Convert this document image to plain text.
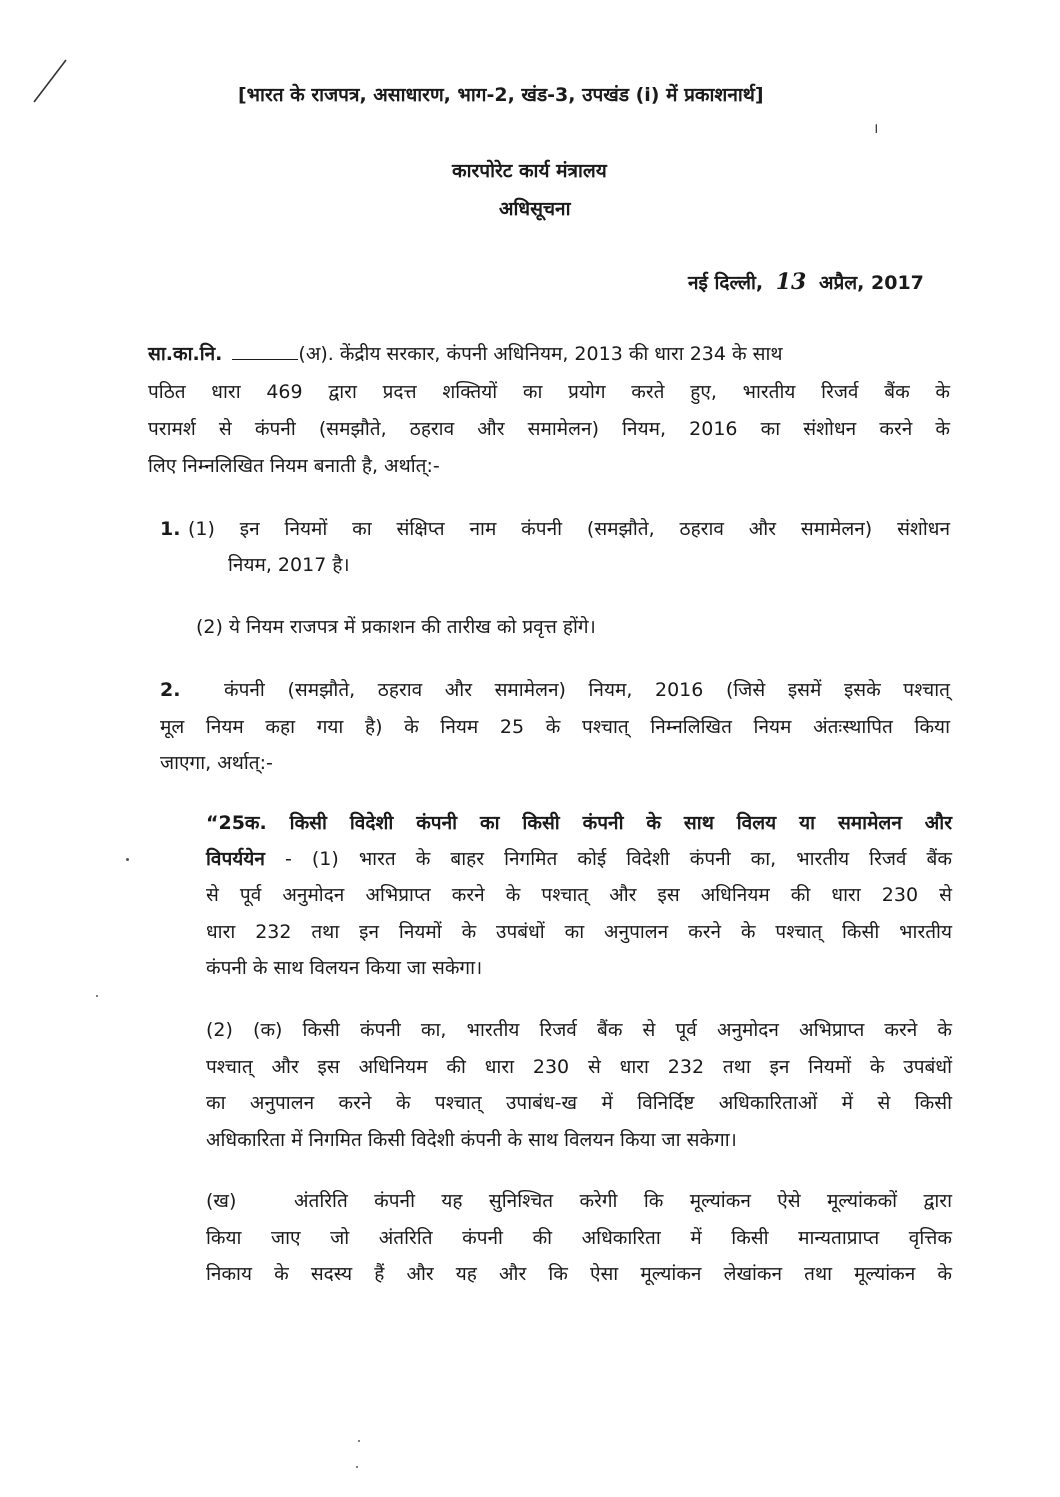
[भारत के राजपत्र, असाधारण, भाग-2, खंड-3, उपखंड (i) में प्रकाशनार्थ]
।
कारपोरेट कार्य मंत्रालय
अधिसूचना
नई दिल्ली, 13 अप्रैल, 2017
सा.का.नि.	(अ). केंद्रीय सरकार, कंपनी अधिनियम, 2013 की धारा 234 के साथ
पठित धारा 469 द्वारा प्रदत्त शक्तियों का प्रयोग करते हुए, भारतीय रिजर्व बैंक के
परामर्श से कंपनी (समझौते, ठहराव और समामेलन) नियम, 2016 का संशोधन करने के
लिए निम्नलिखित नियम बनाती है, अर्थात्:-
1. (1) इन नियमों का संक्षिप्त नाम कंपनी (समझौते, ठहराव और समामेलन) संशोधन
नियम, 2017 है।
(2) ये नियम राजपत्र में प्रकाशन की तारीख को प्रवृत्त होंगे।
2. कंपनी (समझौते, ठहराव और समामेलन) नियम, 2016 (जिसे इसमें इसके पश्चात्
मूल नियम कहा गया है) के नियम 25 के पश्चात् निम्नलिखित नियम अंतःस्थापित किया
जाएगा, अर्थात्:-
“25क. किसी विदेशी कंपनी का किसी कंपनी के साथ विलय या समामेलन और
विपर्ययेन - (1) भारत के बाहर निगमित कोई विदेशी कंपनी का, भारतीय रिजर्व बैंक
से पूर्व अनुमोदन अभिप्राप्त करने के पश्चात् और इस अधिनियम की धारा 230 से
धारा 232 तथा इन नियमों के उपबंधों का अनुपालन करने के पश्चात् किसी भारतीय
कंपनी के साथ विलयन किया जा सकेगा।
(2) (क) किसी कंपनी का, भारतीय रिजर्व बैंक से पूर्व अनुमोदन अभिप्राप्त करने के
पश्चात् और इस अधिनियम की धारा 230 से धारा 232 तथा इन नियमों के उपबंधों
का अनुपालन करने के पश्चात् उपाबंध-ख में विनिर्दिष्ट अधिकारिताओं में से किसी
अधिकारिता में निगमित किसी विदेशी कंपनी के साथ विलयन किया जा सकेगा।
(ख)	अंतरिति कंपनी यह सुनिश्चित करेगी कि मूल्यांकन ऐसे मूल्यांककों द्वारा
किया जाए जो अंतरिति कंपनी की अधिकारिता में किसी मान्यताप्राप्त वृत्तिक
निकाय के सदस्य हैं और यह और कि ऐसा मूल्यांकन लेखांकन तथा मूल्यांकन के
